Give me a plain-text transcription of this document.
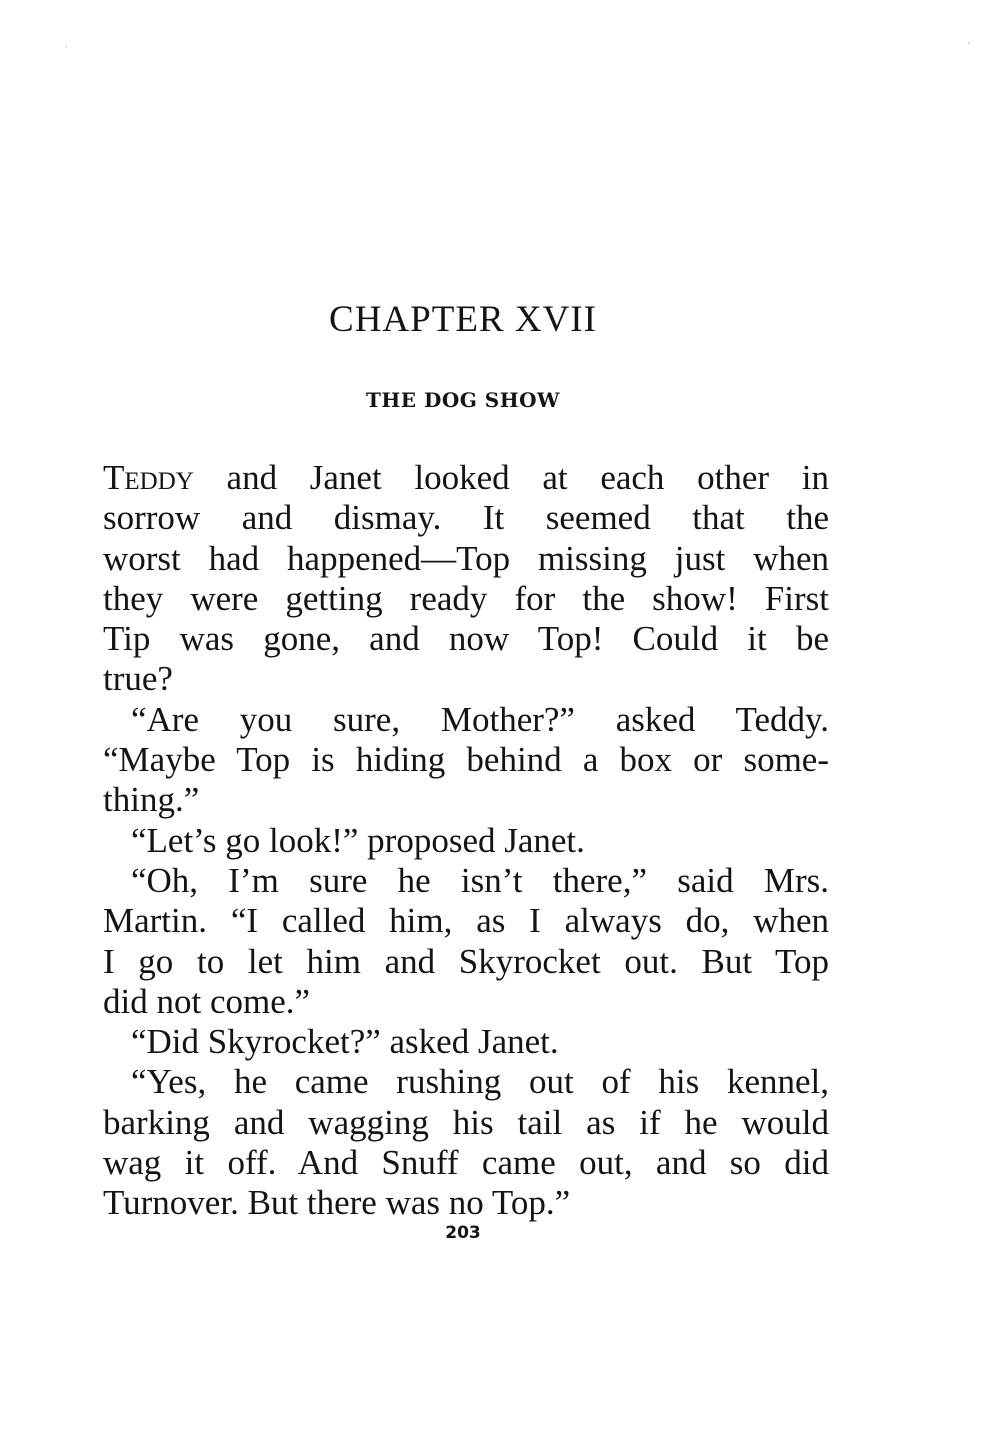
CHAPTER XVII
THE DOG SHOW
Teddy and Janet looked at each other in
sorrow and dismay. It seemed that the
worst had happened—Top missing just when
they were getting ready for the show! First
Tip was gone, and now Top! Could it be
true?
“Are you sure, Mother?” asked Teddy.
“Maybe Top is hiding behind a box or some-
thing.”
“Let’s go look!” proposed Janet.
“Oh, I’m sure he isn’t there,” said Mrs.
Martin. “I called him, as I always do, when
I go to let him and Skyrocket out. But Top
did not come.”
“Did Skyrocket?” asked Janet.
“Yes, he came rushing out of his kennel,
barking and wagging his tail as if he would
wag it off. And Snuff came out, and so did
Turnover. But there was no Top.”
203
